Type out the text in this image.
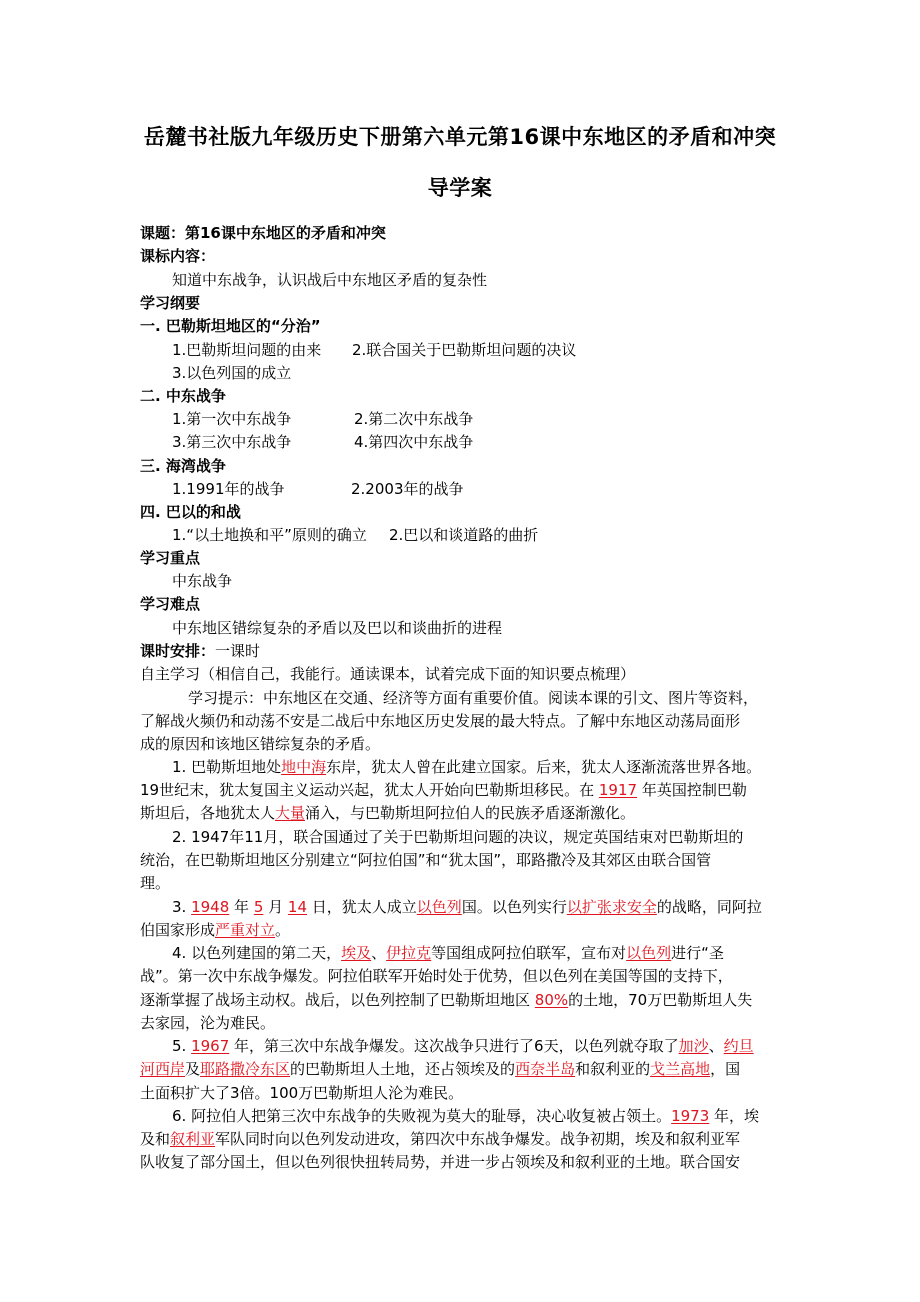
岳麓书社版九年级历史下册第六单元第16课中东地区的矛盾和冲突
导学案
课题：第16课中东地区的矛盾和冲突
课标内容：
知道中东战争，认识战后中东地区矛盾的复杂性
学习纲要
一. 巴勒斯坦地区的“分治”
1.巴勒斯坦问题的由来 2.联合国关于巴勒斯坦问题的决议
3.以色列国的成立
二. 中东战争
1.第一次中东战争	2.第二次中东战争
3.第三次中东战争	4.第四次中东战争
三. 海湾战争
1.1991年的战争	2.2003年的战争
四. 巴以的和战
1.“以土地换和平”原则的确立 2.巴以和谈道路的曲折
学习重点
中东战争
学习难点
中东地区错综复杂的矛盾以及巴以和谈曲折的进程
课时安排：一课时
自主学习（相信自己，我能行。通读课本，试着完成下面的知识要点梳理）
学习提示：中东地区在交通、经济等方面有重要价值。阅读本课的引文、图片等资料，
了解战火频仍和动荡不安是二战后中东地区历史发展的最大特点。了解中东地区动荡局面形
成的原因和该地区错综复杂的矛盾。
1. 巴勒斯坦地处地中海东岸，犹太人曾在此建立国家。后来，犹太人逐渐流落世界各地。
19世纪末，犹太复国主义运动兴起，犹太人开始向巴勒斯坦移民。在 1917 年英国控制巴勒
斯坦后，各地犹太人大量涌入，与巴勒斯坦阿拉伯人的民族矛盾逐渐激化。
2. 1947年11月，联合国通过了关于巴勒斯坦问题的决议，规定英国结束对巴勒斯坦的
统治，在巴勒斯坦地区分别建立“阿拉伯国”和“犹太国”，耶路撒冷及其郊区由联合国管
理。
3. 1948 年 5 月 14 日，犹太人成立以色列国。以色列实行以扩张求安全的战略，同阿拉
伯国家形成严重对立。
4. 以色列建国的第二天，埃及、伊拉克等国组成阿拉伯联军，宣布对以色列进行“圣
战”。第一次中东战争爆发。阿拉伯联军开始时处于优势，但以色列在美国等国的支持下，
逐渐掌握了战场主动权。战后，以色列控制了巴勒斯坦地区 80%的土地，70万巴勒斯坦人失
去家园，沦为难民。
5. 1967 年，第三次中东战争爆发。这次战争只进行了6天，以色列就夺取了加沙、约旦
河西岸及耶路撒冷东区的巴勒斯坦人土地，还占领埃及的西奈半岛和叙利亚的戈兰高地，国
土面积扩大了3倍。100万巴勒斯坦人沦为难民。
6. 阿拉伯人把第三次中东战争的失败视为莫大的耻辱，决心收复被占领土。1973 年，埃
及和叙利亚军队同时向以色列发动进攻，第四次中东战争爆发。战争初期，埃及和叙利亚军
队收复了部分国土，但以色列很快扭转局势，并进一步占领埃及和叙利亚的土地。联合国安
